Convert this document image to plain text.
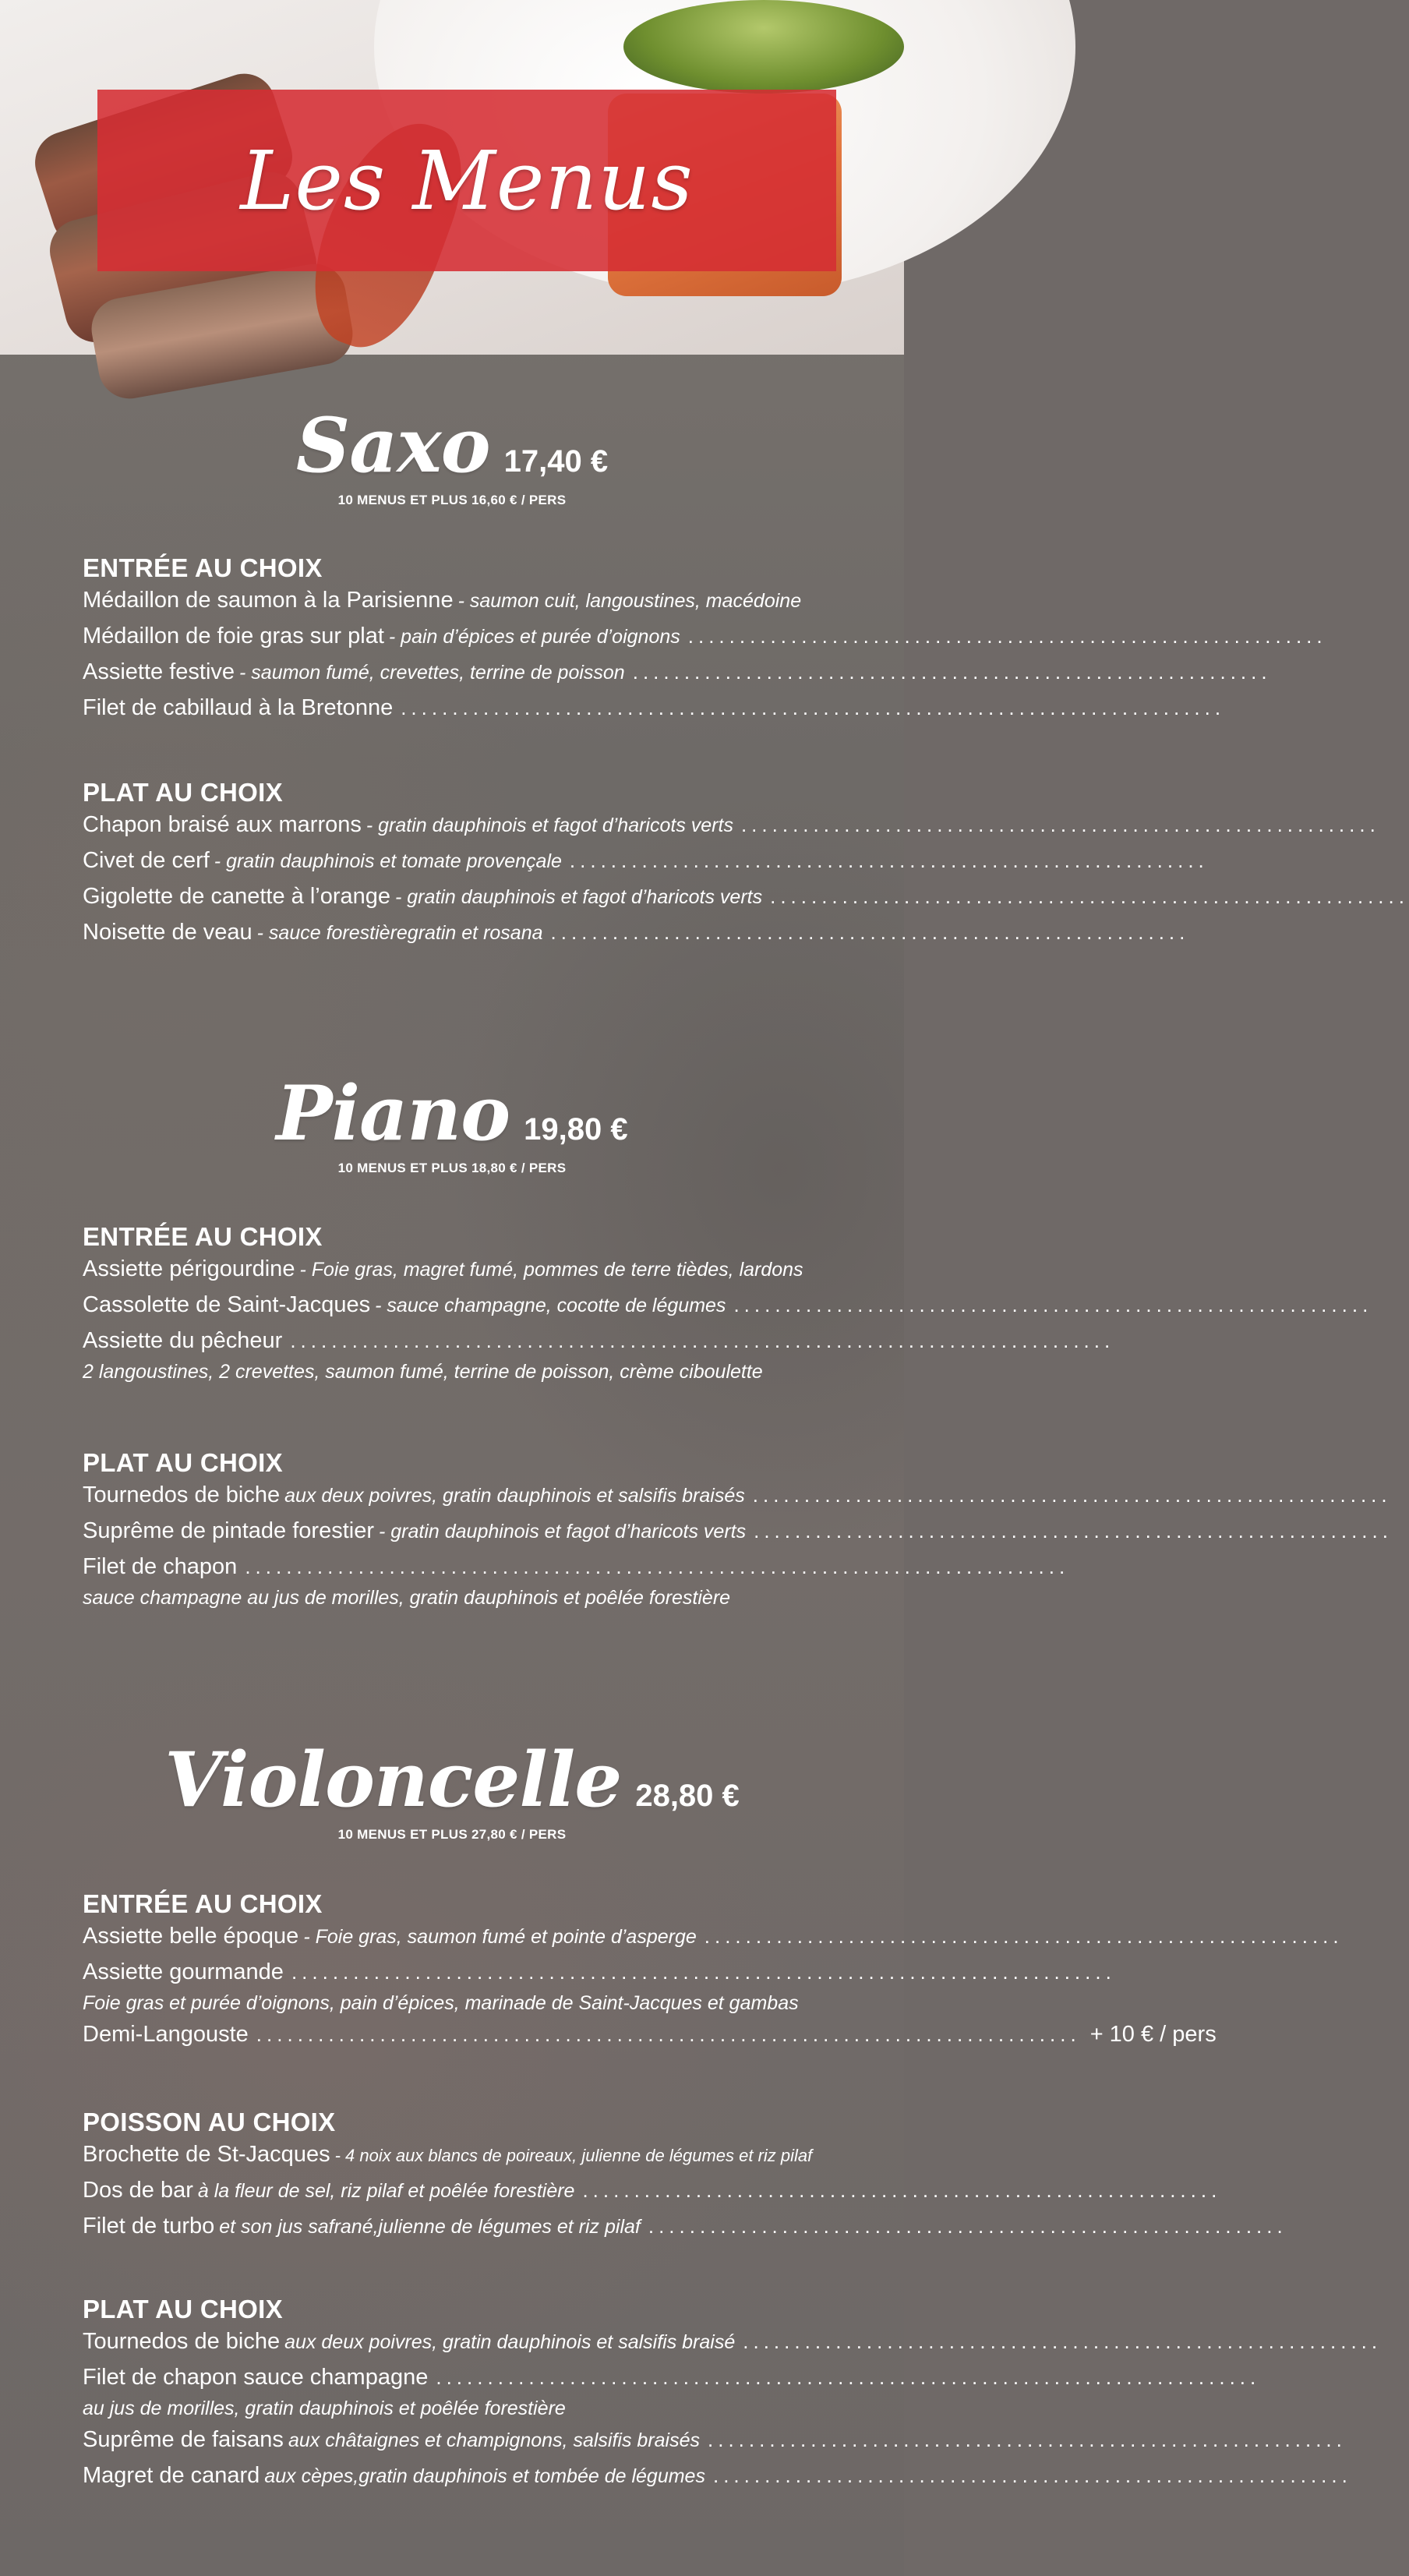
Les Menus
Saxo 17,40 €
10 MENUS ET PLUS 16,60 € / PERS
ENTRÉE AU CHOIX
Médaillon de saumon à la Parisienne - saumon cuit, langoustines, macédoine
Médaillon de foie gras sur plat - pain d’épices et purée d’oignons ..............................................................
Assiette festive - saumon fumé, crevettes, terrine de poisson ..............................................................
Filet de cabillaud à la Bretonne ................................................................................
PLAT AU CHOIX
Chapon braisé aux marrons - gratin dauphinois et fagot d’haricots verts ..............................................................
Civet de cerf - gratin dauphinois et tomate provençale ..............................................................
Gigolette de canette à l’orange - gratin dauphinois et fagot d’haricots verts ..............................................................
Noisette de veau - sauce forestièregratin et rosana ..............................................................
Piano 19,80 €
10 MENUS ET PLUS 18,80 € / PERS
ENTRÉE AU CHOIX
Assiette périgourdine - Foie gras, magret fumé, pommes de terre tièdes, lardons
Cassolette de Saint-Jacques - sauce champagne, cocotte de légumes ..............................................................
Assiette du pêcheur ................................................................................
2 langoustines, 2 crevettes, saumon fumé, terrine de poisson, crème ciboulette
PLAT AU CHOIX
Tournedos de biche aux deux poivres, gratin dauphinois et salsifis braisés ..............................................................
Suprême de pintade forestier - gratin dauphinois et fagot d’haricots verts ..............................................................
Filet de chapon ................................................................................
sauce champagne au jus de morilles, gratin dauphinois et poêlée forestière
Violoncelle 28,80 €
10 MENUS ET PLUS 27,80 € / PERS
ENTRÉE AU CHOIX
Assiette belle époque - Foie gras, saumon fumé et pointe d’asperge ..............................................................
Assiette gourmande ................................................................................
Foie gras et purée d’oignons, pain d’épices, marinade de Saint-Jacques et gambas
Demi-Langouste ................................................................................ + 10 € / pers
POISSON AU CHOIX
Brochette de St-Jacques - 4 noix aux blancs de poireaux, julienne de légumes et riz pilaf
Dos de bar à la fleur de sel, riz pilaf et poêlée forestière ..............................................................
Filet de turbo et son jus safrané,julienne de légumes et riz pilaf ..............................................................
PLAT AU CHOIX
Tournedos de biche aux deux poivres, gratin dauphinois et salsifis braisé ..............................................................
Filet de chapon sauce champagne ................................................................................
au jus de morilles, gratin dauphinois et poêlée forestière
Suprême de faisans aux châtaignes et champignons, salsifis braisés ..............................................................
Magret de canard aux cèpes,gratin dauphinois et tombée de légumes ..............................................................
